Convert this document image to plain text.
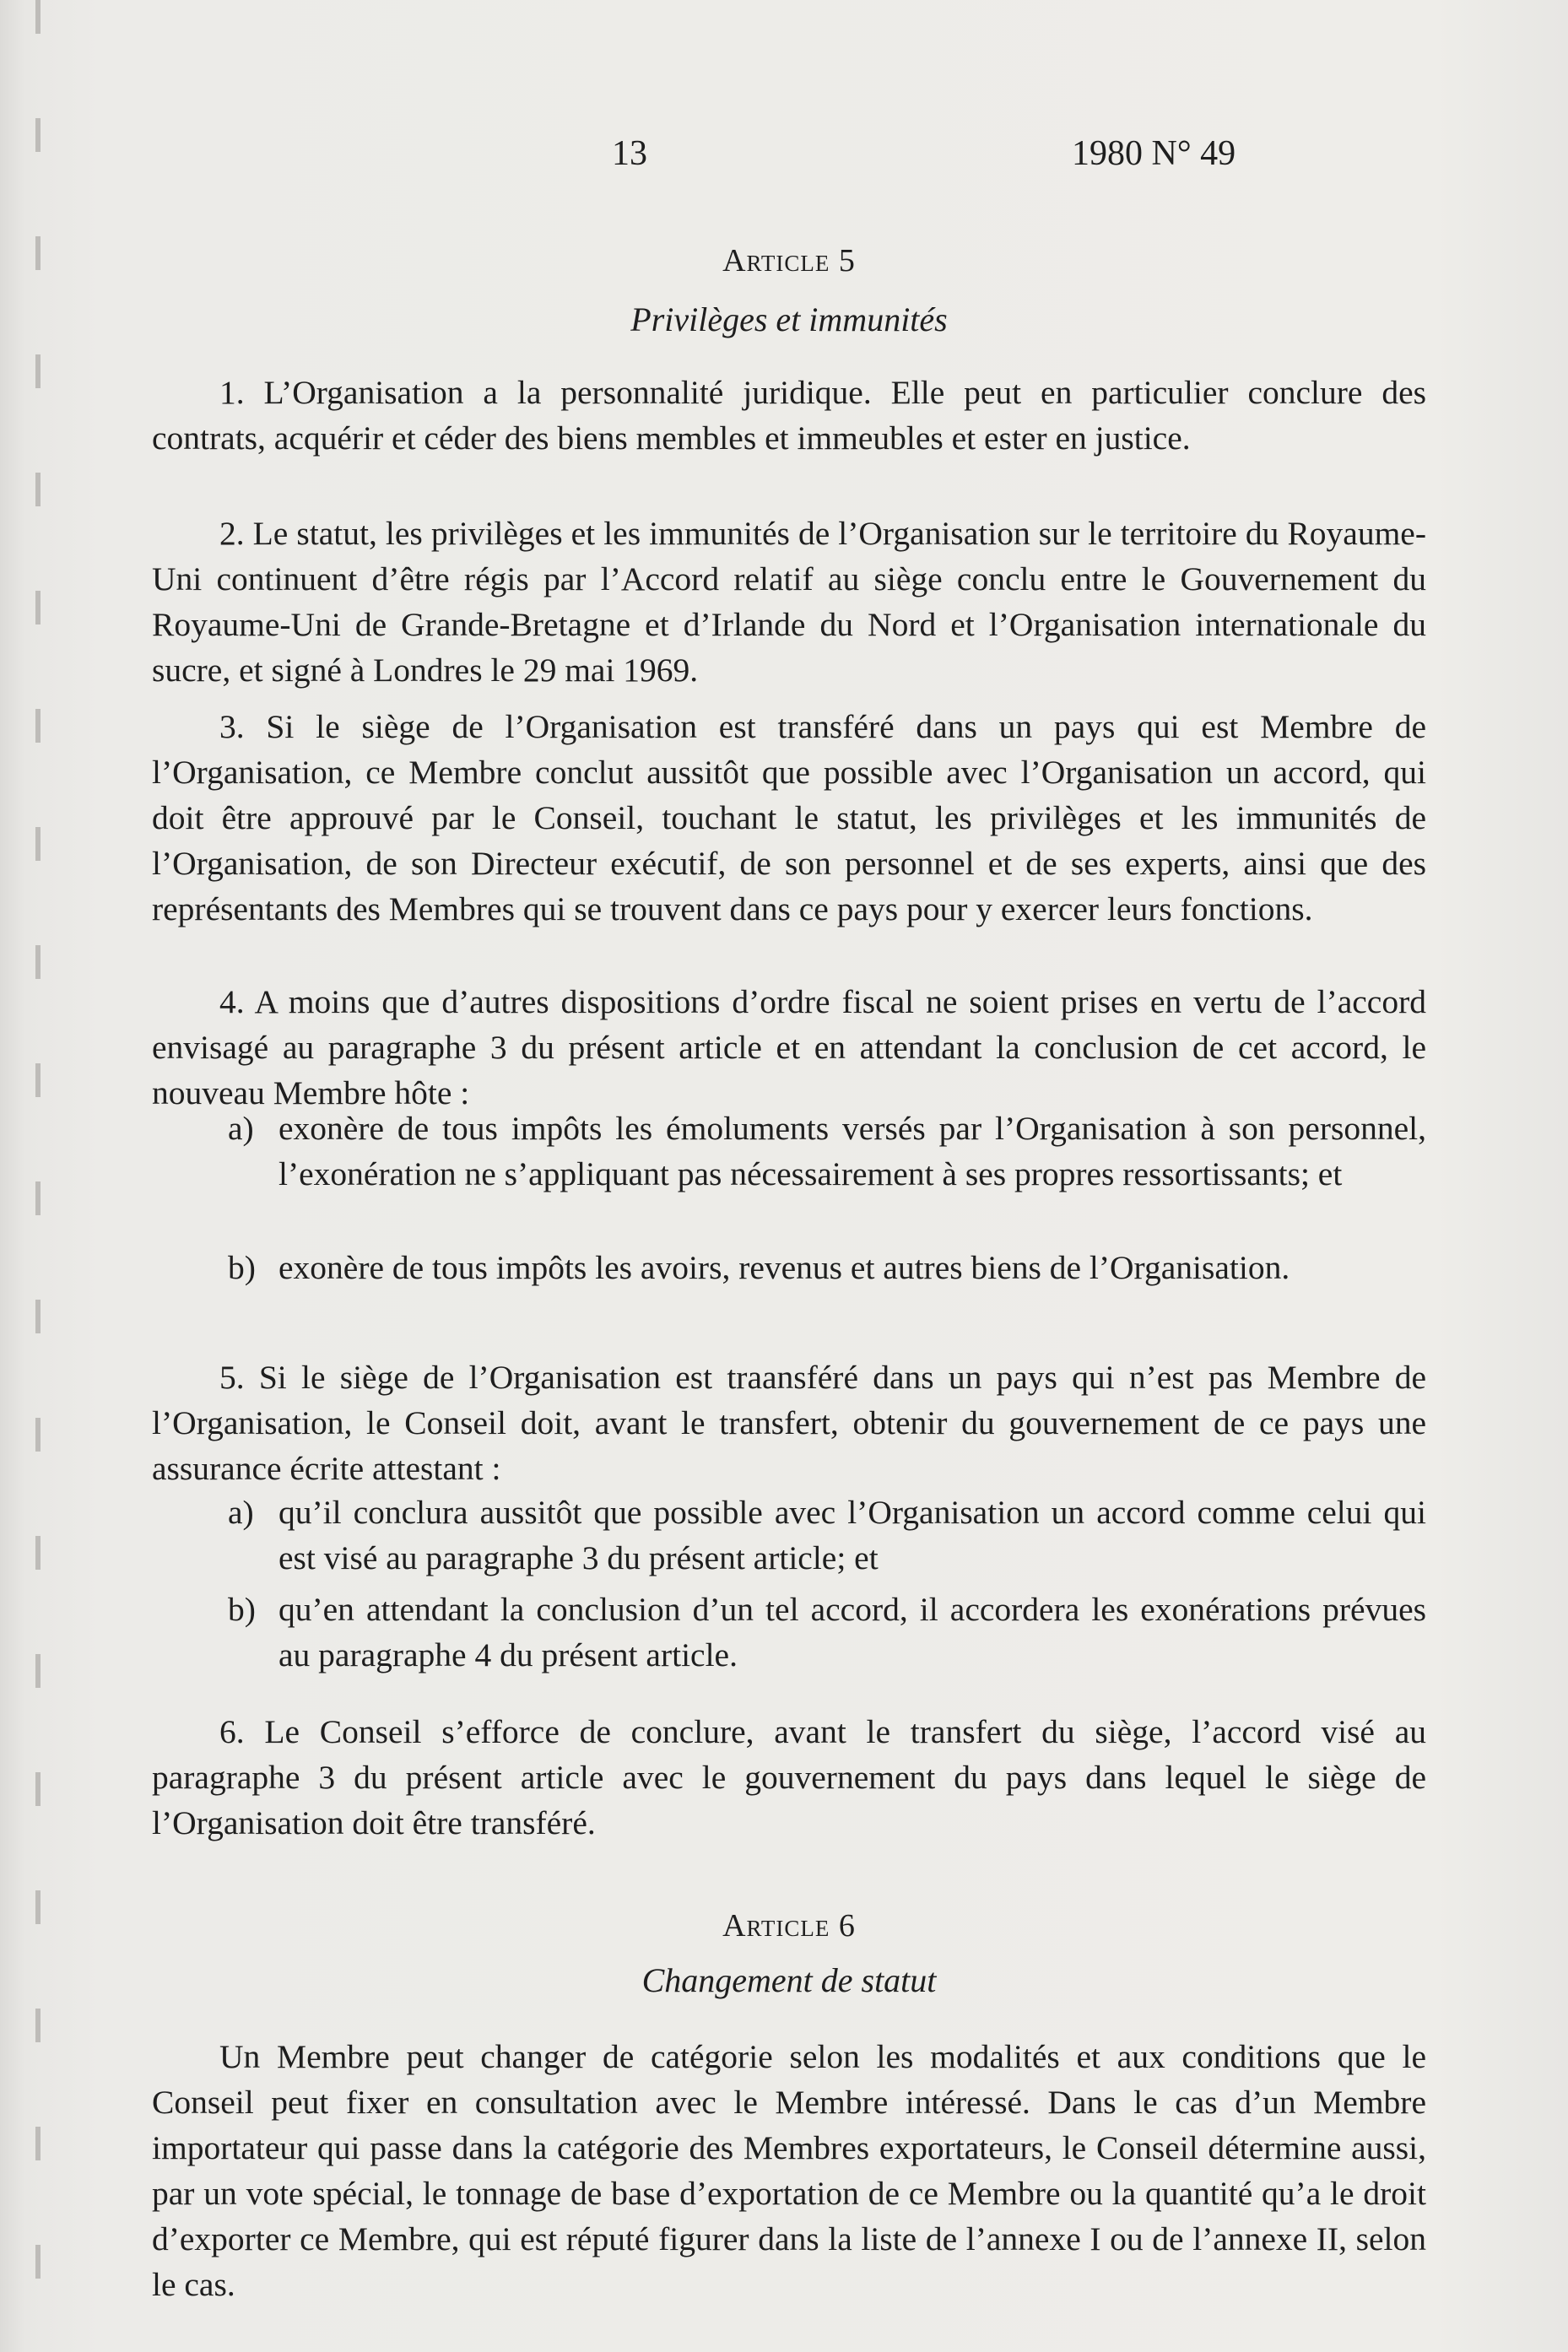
13	1980 N° 49
Article 5
Privilèges et immunités
1. L’Organisation a la personnalité juridique. Elle peut en particulier conclure des contrats, acquérir et céder des biens membles et immeubles et ester en justice.
2. Le statut, les privilèges et les immunités de l’Organisation sur le territoire du Royaume-Uni continuent d’être régis par l’Accord relatif au siège conclu entre le Gouvernement du Royaume-Uni de Grande-Bretagne et d’Irlande du Nord et l’Organisation internationale du sucre, et signé à Londres le 29 mai 1969.
3. Si le siège de l’Organisation est transféré dans un pays qui est Membre de l’Organisation, ce Membre conclut aussitôt que possible avec l’Organisation un accord, qui doit être approuvé par le Conseil, touchant le statut, les privilèges et les immunités de l’Organisation, de son Directeur exécutif, de son personnel et de ses experts, ainsi que des représentants des Membres qui se trouvent dans ce pays pour y exercer leurs fonctions.
4. A moins que d’autres dispositions d’ordre fiscal ne soient prises en vertu de l’accord envisagé au paragraphe 3 du présent article et en attendant la conclusion de cet accord, le nouveau Membre hôte :
a) exonère de tous impôts les émoluments versés par l’Organisation à son personnel, l’exonération ne s’appliquant pas nécessairement à ses propres ressortissants; et
b) exonère de tous impôts les avoirs, revenus et autres biens de l’Organisation.
5. Si le siège de l’Organisation est traansféré dans un pays qui n’est pas Membre de l’Organisation, le Conseil doit, avant le transfert, obtenir du gouvernement de ce pays une assurance écrite attestant :
a) qu’il conclura aussitôt que possible avec l’Organisation un accord comme celui qui est visé au paragraphe 3 du présent article; et
b) qu’en attendant la conclusion d’un tel accord, il accordera les exonérations prévues au paragraphe 4 du présent article.
6. Le Conseil s’efforce de conclure, avant le transfert du siège, l’accord visé au paragraphe 3 du présent article avec le gouvernement du pays dans lequel le siège de l’Organisation doit être transféré.
Article 6
Changement de statut
Un Membre peut changer de catégorie selon les modalités et aux conditions que le Conseil peut fixer en consultation avec le Membre intéressé. Dans le cas d’un Membre importateur qui passe dans la catégorie des Membres exportateurs, le Conseil détermine aussi, par un vote spécial, le tonnage de base d’exportation de ce Membre ou la quantité qu’a le droit d’exporter ce Membre, qui est réputé figurer dans la liste de l’annexe I ou de l’annexe II, selon le cas.
